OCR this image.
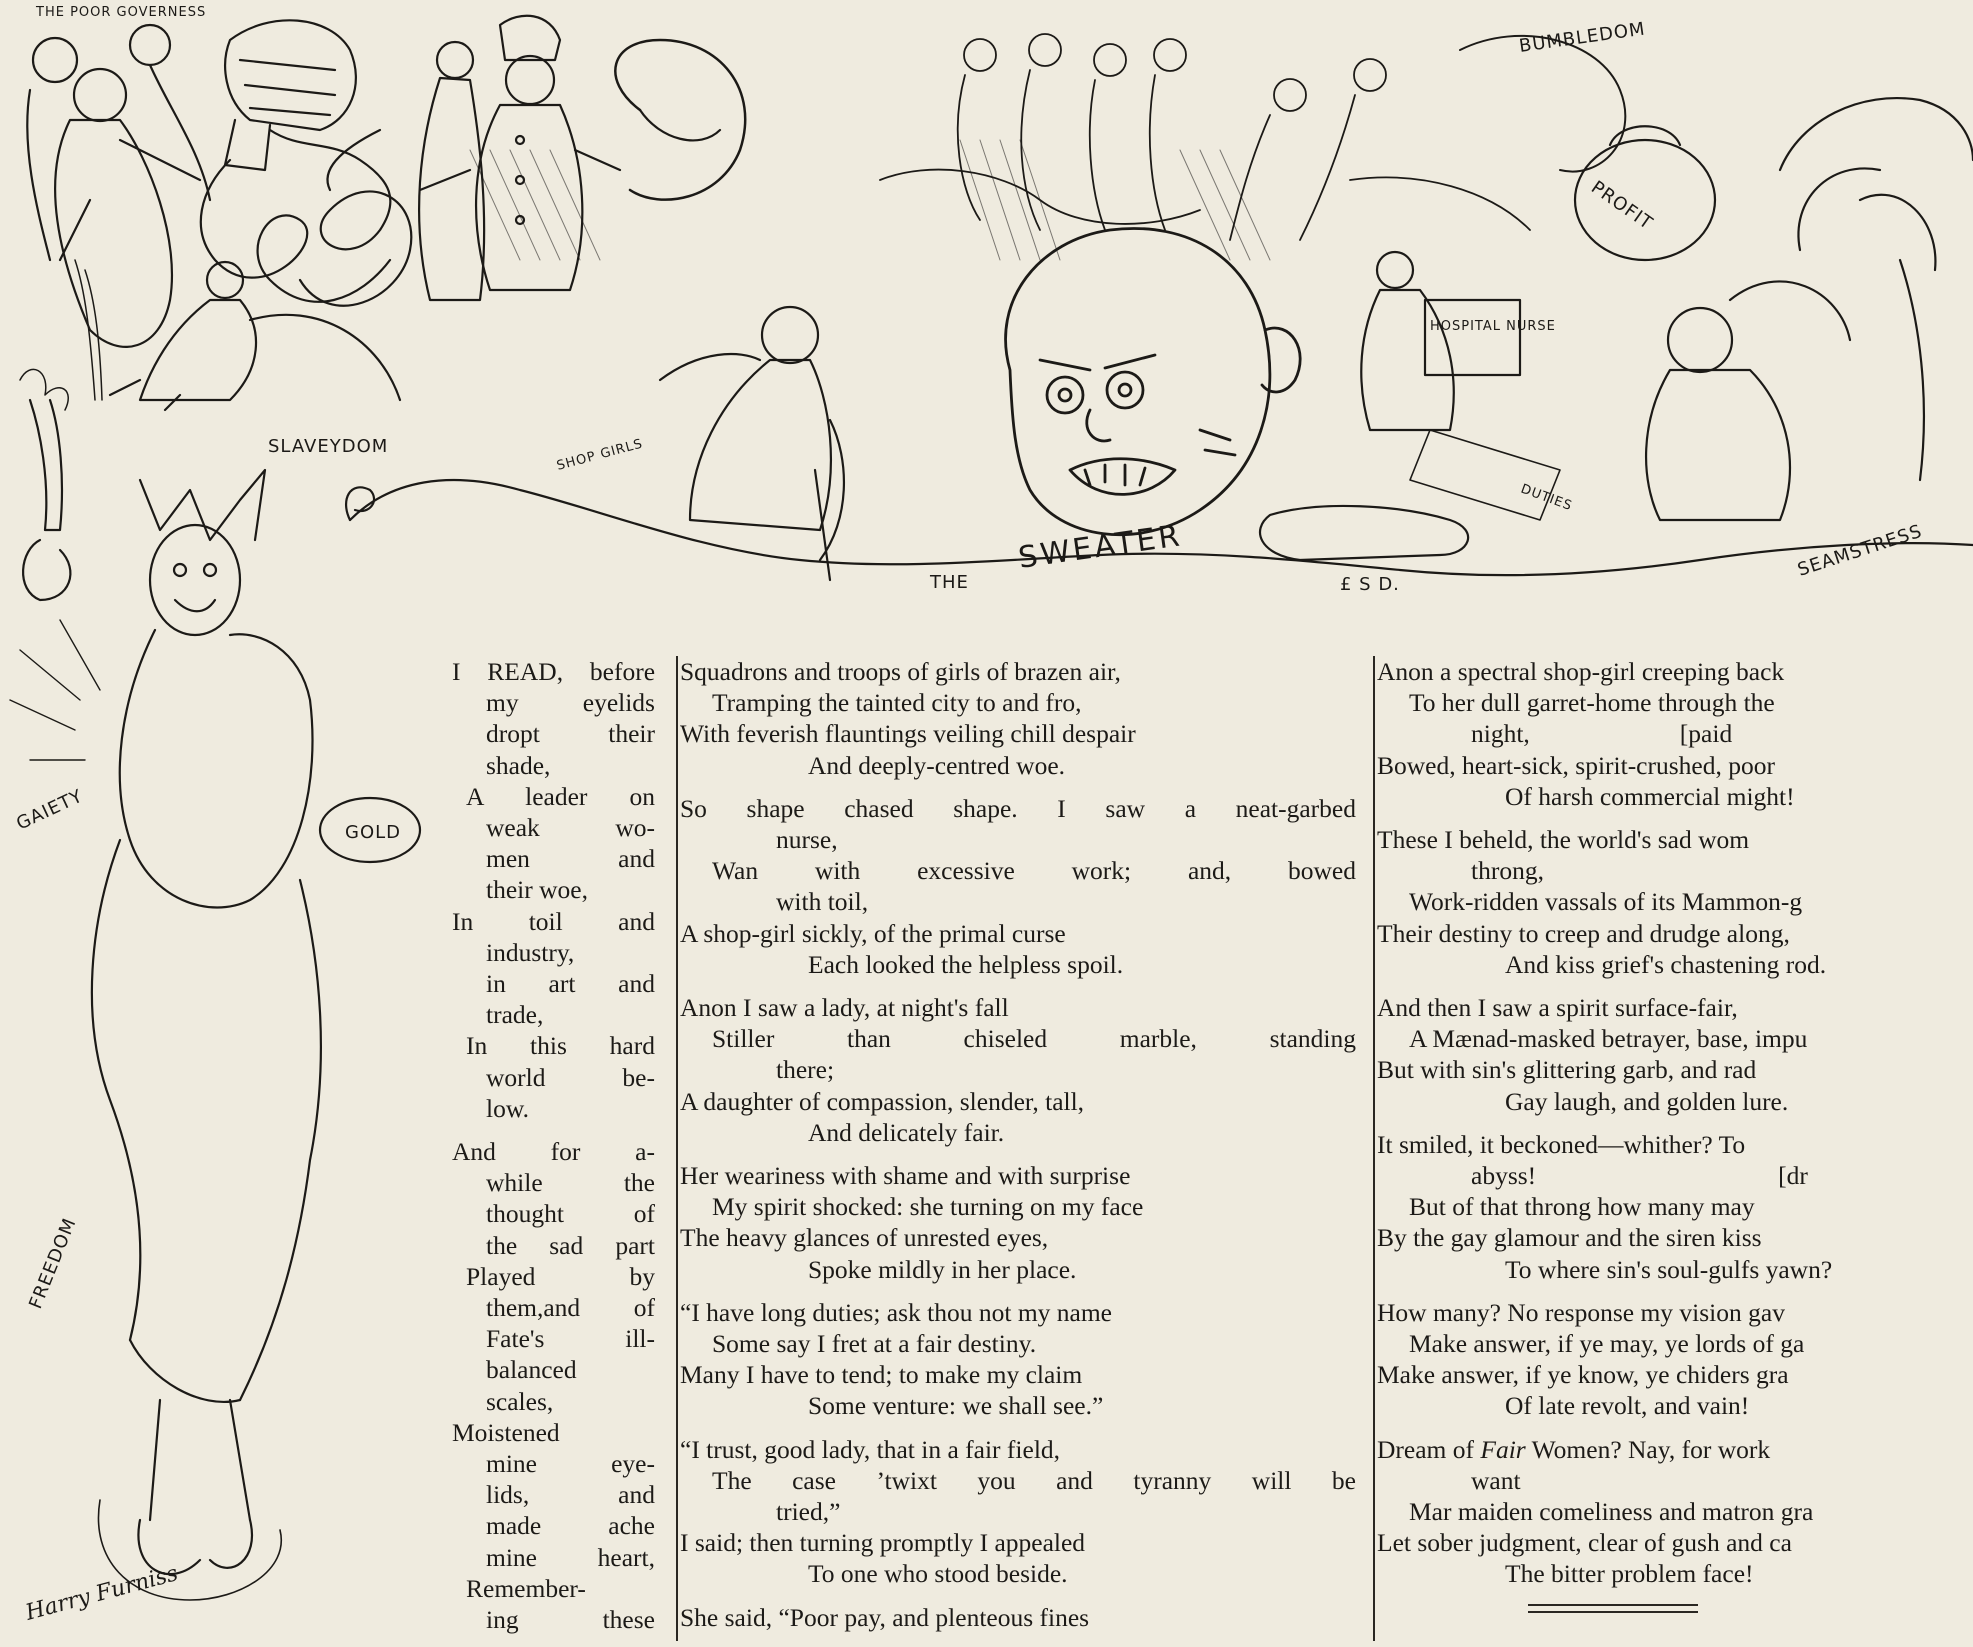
THE POOR GOVERNESS
BUMBLEDOM
PROFIT
SLAVEYDOM	SHOP GIRLS
HOSPITAL NURSE
DUTIES
THE
SWEATER
£ S D.
SEAMSTRESS
GAIETY	GOLD
FREEDOM
Harry Furniss
I READ, before
my eyelids
dropt their
shade,
A leader on
weak wo-
men and
their woe,
In toil and
industry,
in art and
trade,
In this hard
world be-
low.
And for a-
while the
thought of
the sad part
Played by
them,and of
Fate's ill-
balanced
scales,
Moistened
mine eye-
lids, and
made ache
mine heart,
Remember-
ing these
Squadrons and troops of girls of brazen air,
Tramping the tainted city to and fro,
With feverish flauntings veiling chill despair
And deeply-centred woe.
So shape chased shape. I saw a neat-garbed
nurse,
Wan with excessive work; and, bowed
with toil,
A shop-girl sickly, of the primal curse
Each looked the helpless spoil.
Anon I saw a lady, at night's fall
Stiller than chiseled marble, standing
there;
A daughter of compassion, slender, tall,
And delicately fair.
Her weariness with shame and with surprise
My spirit shocked: she turning on my face
The heavy glances of unrested eyes,
Spoke mildly in her place.
“I have long duties; ask thou not my name
Some say I fret at a fair destiny.
Many I have to tend; to make my claim
Some venture: we shall see.”
“I trust, good lady, that in a fair field,
The case ’twixt you and tyranny will be
tried,”
I said; then turning promptly I appealed
To one who stood beside.
She said, “Poor pay, and plenteous fines
Anon a spectral shop-girl creeping back
To her dull garret-home through the
night,	[paid
Bowed, heart-sick, spirit-crushed, poor
Of harsh commercial might!
These I beheld, the world's sad wom
throng,
Work-ridden vassals of its Mammon-g
Their destiny to creep and drudge along,
And kiss grief's chastening rod.
And then I saw a spirit surface-fair,
A Mænad-masked betrayer, base, impu
But with sin's glittering garb, and rad
Gay laugh, and golden lure.
It smiled, it beckoned—whither? To
abyss!	[dr
But of that throng how many may
By the gay glamour and the siren kiss
To where sin's soul-gulfs yawn?
How many? No response my vision gav
Make answer, if ye may, ye lords of ga
Make answer, if ye know, ye chiders gra
Of late revolt, and vain!
Dream of Fair Women? Nay, for work
want
Mar maiden comeliness and matron gra
Let sober judgment, clear of gush and ca
The bitter problem face!
